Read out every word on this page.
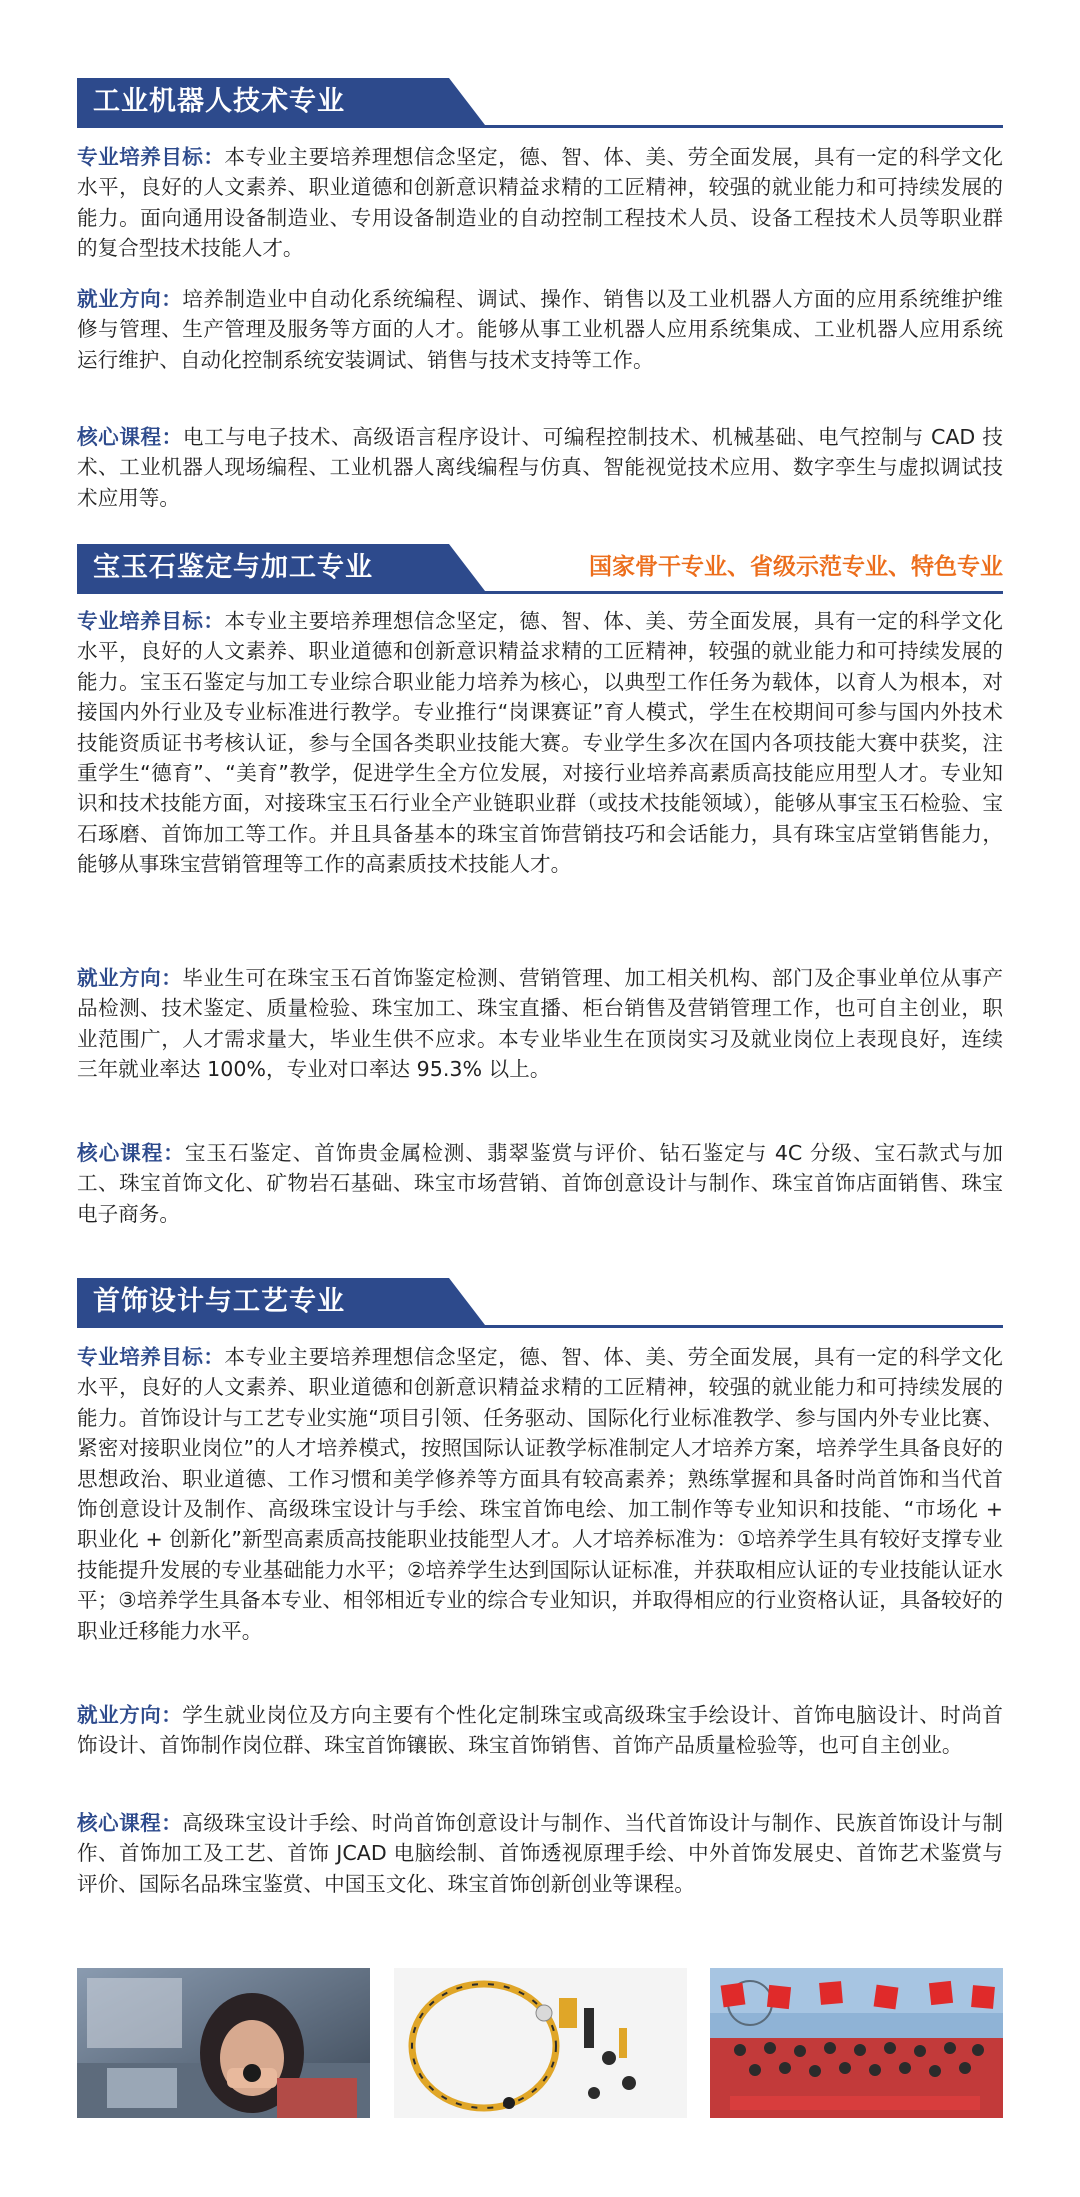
工业机器人技术专业

专业培养目标：本专业主要培养理想信念坚定，德、智、体、美、劳全面发展，具有一定的科学文化水平，良好的人文素养、职业道德和创新意识精益求精的工匠精神，较强的就业能力和可持续发展的能力。面向通用设备制造业、专用设备制造业的自动控制工程技术人员、设备工程技术人员等职业群的复合型技术技能人才。

就业方向：培养制造业中自动化系统编程、调试、操作、销售以及工业机器人方面的应用系统维护维修与管理、生产管理及服务等方面的人才。能够从事工业机器人应用系统集成、工业机器人应用系统运行维护、自动化控制系统安装调试、销售与技术支持等工作。

核心课程：电工与电子技术、高级语言程序设计、可编程控制技术、机械基础、电气控制与 CAD 技术、工业机器人现场编程、工业机器人离线编程与仿真、智能视觉技术应用、数字孪生与虚拟调试技术应用等。

宝玉石鉴定与加工专业	国家骨干专业、省级示范专业、特色专业

专业培养目标：本专业主要培养理想信念坚定，德、智、体、美、劳全面发展，具有一定的科学文化水平，良好的人文素养、职业道德和创新意识精益求精的工匠精神，较强的就业能力和可持续发展的能力。宝玉石鉴定与加工专业综合职业能力培养为核心，以典型工作任务为载体，以育人为根本，对接国内外行业及专业标准进行教学。专业推行“岗课赛证”育人模式，学生在校期间可参与国内外技术技能资质证书考核认证，参与全国各类职业技能大赛。专业学生多次在国内各项技能大赛中获奖，注重学生“德育”、“美育”教学，促进学生全方位发展，对接行业培养高素质高技能应用型人才。专业知识和技术技能方面，对接珠宝玉石行业全产业链职业群（或技术技能领域），能够从事宝玉石检验、宝石琢磨、首饰加工等工作。并且具备基本的珠宝首饰营销技巧和会话能力，具有珠宝店堂销售能力，能够从事珠宝营销管理等工作的高素质技术技能人才。

就业方向：毕业生可在珠宝玉石首饰鉴定检测、营销管理、加工相关机构、部门及企事业单位从事产品检测、技术鉴定、质量检验、珠宝加工、珠宝直播、柜台销售及营销管理工作，也可自主创业，职业范围广，人才需求量大，毕业生供不应求。本专业毕业生在顶岗实习及就业岗位上表现良好，连续三年就业率达 100%，专业对口率达 95.3% 以上。

核心课程：宝玉石鉴定、首饰贵金属检测、翡翠鉴赏与评价、钻石鉴定与 4C 分级、宝石款式与加工、珠宝首饰文化、矿物岩石基础、珠宝市场营销、首饰创意设计与制作、珠宝首饰店面销售、珠宝电子商务。

首饰设计与工艺专业

专业培养目标：本专业主要培养理想信念坚定，德、智、体、美、劳全面发展，具有一定的科学文化水平，良好的人文素养、职业道德和创新意识精益求精的工匠精神，较强的就业能力和可持续发展的能力。首饰设计与工艺专业实施“项目引领、任务驱动、国际化行业标准教学、参与国内外专业比赛、紧密对接职业岗位”的人才培养模式，按照国际认证教学标准制定人才培养方案，培养学生具备良好的思想政治、职业道德、工作习惯和美学修养等方面具有较高素养；熟练掌握和具备时尚首饰和当代首饰创意设计及制作、高级珠宝设计与手绘、珠宝首饰电绘、加工制作等专业知识和技能、“市场化 + 职业化 + 创新化”新型高素质高技能职业技能型人才。人才培养标准为：①培养学生具有较好支撑专业技能提升发展的专业基础能力水平；②培养学生达到国际认证标准，并获取相应认证的专业技能认证水平；③培养学生具备本专业、相邻相近专业的综合专业知识，并取得相应的行业资格认证，具备较好的职业迁移能力水平。

就业方向：学生就业岗位及方向主要有个性化定制珠宝或高级珠宝手绘设计、首饰电脑设计、时尚首饰设计、首饰制作岗位群、珠宝首饰镶嵌、珠宝首饰销售、首饰产品质量检验等，也可自主创业。

核心课程：高级珠宝设计手绘、时尚首饰创意设计与制作、当代首饰设计与制作、民族首饰设计与制作、首饰加工及工艺、首饰 JCAD 电脑绘制、首饰透视原理手绘、中外首饰发展史、首饰艺术鉴赏与评价、国际名品珠宝鉴赏、中国玉文化、珠宝首饰创新创业等课程。
